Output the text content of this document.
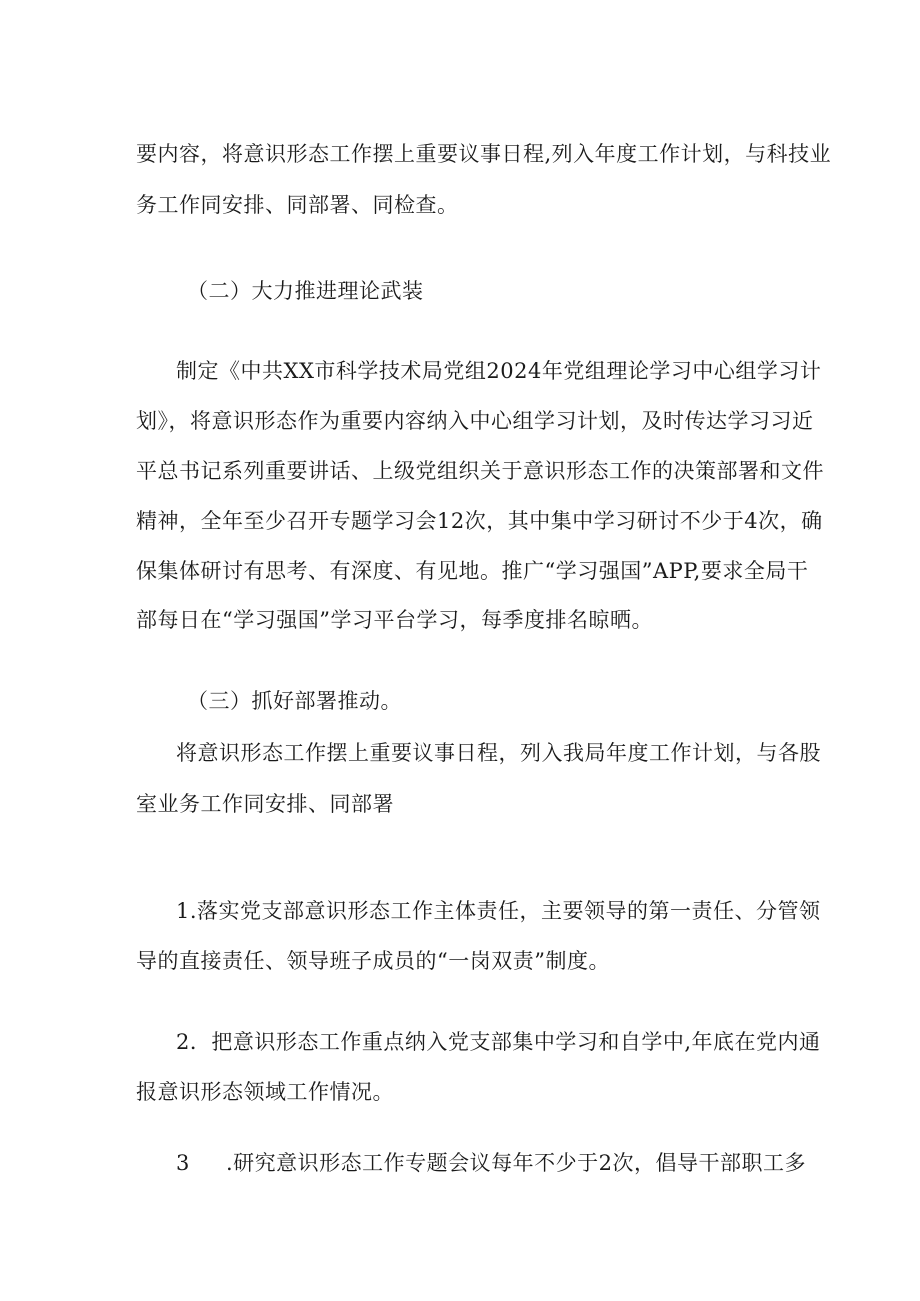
要内容，将意识形态工作摆上重要议事日程,列入年度工作计划，与科技业
务工作同安排、同部署、同检查。
（二）大力推进理论武装
制定《中共XX市科学技术局党组2024年党组理论学习中心组学习计
划》，将意识形态作为重要内容纳入中心组学习计划，及时传达学习习近
平总书记系列重要讲话、上级党组织关于意识形态工作的决策部署和文件
精神，全年至少召开专题学习会12次，其中集中学习研讨不少于4次，确
保集体研讨有思考、有深度、有见地。推广“学习强国”APP,要求全局干
部每日在“学习强国”学习平台学习，每季度排名晾晒。
（三）抓好部署推动。
将意识形态工作摆上重要议事日程，列入我局年度工作计划，与各股
室业务工作同安排、同部署
1.落实党支部意识形态工作主体责任，主要领导的第一责任、分管领
导的直接责任、领导班子成员的“一岗双责”制度。
2．把意识形态工作重点纳入党支部集中学习和自学中,年底在党内通
报意识形态领域工作情况。
3 .研究意识形态工作专题会议每年不少于2次，倡导干部职工多
